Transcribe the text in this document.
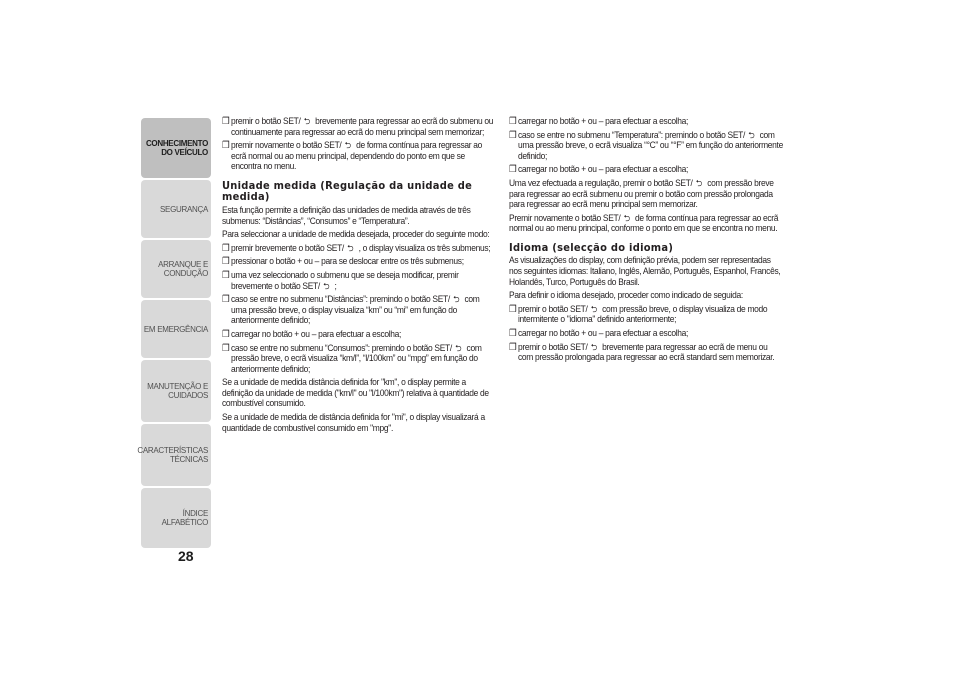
CONHECIMENTO
DO VEÍCULO
SEGURANÇA
ARRANQUE E
CONDUÇÃO
EM EMERGÊNCIA
MANUTENÇÃO E
CUIDADOS
CARACTERÍSTICAS
TÉCNICAS
ÍNDICE ALFABÉTICO
28
❒ premir o botão SET/ ⮌ brevemente para regressar ao ecrã do submenu ou continuamente para regressar ao ecrã do menu principal sem memorizar;
❒ premir novamente o botão SET/ ⮌ de forma contínua para regressar ao ecrã normal ou ao menu principal, dependendo do ponto em que se encontra no menu.
Unidade medida (Regulação da unidade de medida)

Esta função permite a definição das unidades de medida através de três submenus: “Distâncias”, “Consumos” e “Temperatura”.

Para seleccionar a unidade de medida desejada, proceder do seguinte modo:

❒ premir brevemente o botão SET/ ⮌ , o display visualiza os três submenus;
❒ pressionar o botão + ou – para se deslocar entre os três submenus;
❒ uma vez seleccionado o submenu que se deseja modificar, premir brevemente o botão SET/ ⮌ ;
❒ caso se entre no submenu “Distâncias”: premindo o botão SET/ ⮌ com uma pressão breve, o display visualiza “km” ou “mi” em função do anteriormente definido;
❒ carregar no botão + ou – para efectuar a escolha;
❒ caso se entre no submenu “Consumos”: premindo o botão SET/ ⮌ com pressão breve, o ecrã visualiza “km/l”, “l/100km” ou “mpg” em função do anteriormente definido;

Se a unidade de medida distância definida for "km", o display permite a definição da unidade de medida ("km/l" ou "l/100km") relativa à quantidade de combustível consumido.

Se a unidade de medida de distância definida for "mi", o display visualizará a quantidade de combustível consumido em "mpg".

❒ carregar no botão + ou – para efectuar a escolha;
❒ caso se entre no submenu “Temperatura”: premindo o botão SET/ ⮌ com uma pressão breve, o ecrã visualiza “°C” ou “°F” em função do anteriormente definido;
❒ carregar no botão + ou – para efectuar a escolha;

Uma vez efectuada a regulação, premir o botão SET/ ⮌ com pressão breve para regressar ao ecrã submenu ou premir o botão com pressão prolongada para regressar ao ecrã menu principal sem memorizar.

Premir novamente o botão SET/ ⮌ de forma contínua para regressar ao ecrã normal ou ao menu principal, conforme o ponto em que se encontra no menu.

Idioma (selecção do idioma)

As visualizações do display, com definição prévia, podem ser representadas nos seguintes idiomas: Italiano, Inglês, Alemão, Português, Espanhol, Francês, Holandês, Turco, Português do Brasil.

Para definir o idioma desejado, proceder como indicado de seguida:

❒ premir o botão SET/ ⮌ com pressão breve, o display visualiza de modo intermitente o "idioma" definido anteriormente;
❒ carregar no botão + ou – para efectuar a escolha;
❒ premir o botão SET/ ⮌ brevemente para regressar ao ecrã de menu ou com pressão prolongada para regressar ao ecrã standard sem memorizar.
